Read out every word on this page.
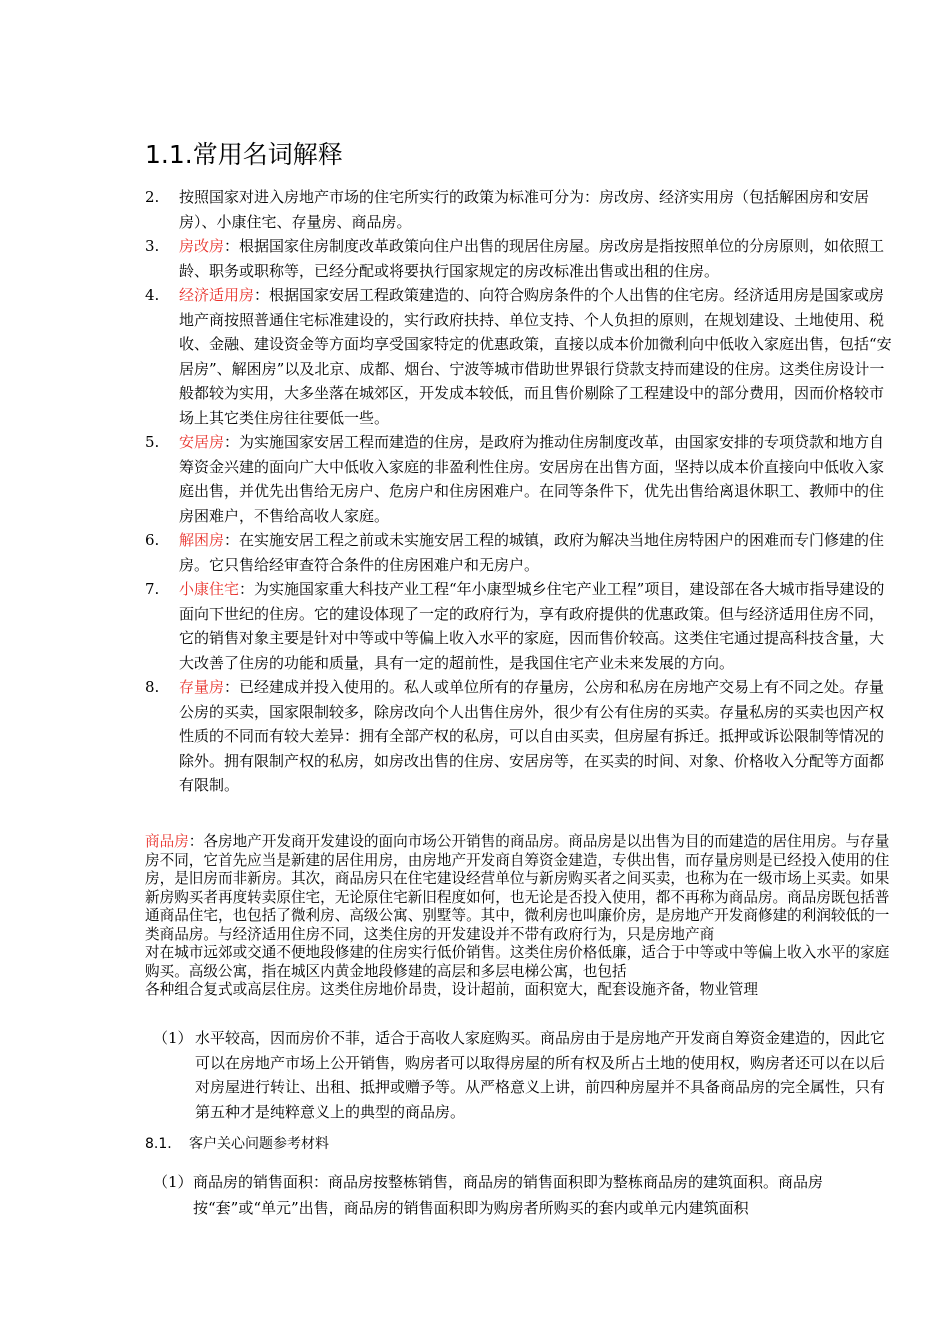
1.1.常用名词解释
2. 按照国家对进入房地产市场的住宅所实行的政策为标准可分为：房改房、经济实用房（包括解困房和安居房）、小康住宅、存量房、商品房。
3. 房改房：根据国家住房制度改革政策向住户出售的现居住房屋。房改房是指按照单位的分房原则，如依照工龄、职务或职称等，已经分配或将要执行国家规定的房改标准出售或出租的住房。
4. 经济适用房：根据国家安居工程政策建造的、向符合购房条件的个人出售的住宅房。经济适用房是国家或房地产商按照普通住宅标准建设的，实行政府扶持、单位支持、个人负担的原则，在规划建设、土地使用、税收、金融、建设资金等方面均享受国家特定的优惠政策，直接以成本价加微利向中低收入家庭出售，包括“安居房”、解困房”以及北京、成都、烟台、宁波等城市借助世界银行贷款支持而建设的住房。这类住房设计一般都较为实用，大多坐落在城郊区，开发成本较低，而且售价剔除了工程建设中的部分费用，因而价格较市场上其它类住房往往要低一些。
5. 安居房：为实施国家安居工程而建造的住房，是政府为推动住房制度改革，由国家安排的专项贷款和地方自筹资金兴建的面向广大中低收入家庭的非盈利性住房。安居房在出售方面，坚持以成本价直接向中低收入家庭出售，并优先出售给无房户、危房户和住房困难户。在同等条件下，优先出售给离退休职工、教师中的住房困难户，不售给高收人家庭。
6. 解困房：在实施安居工程之前或未实施安居工程的城镇，政府为解决当地住房特困户的困难而专门修建的住房。它只售给经审查符合条件的住房困难户和无房户。
7. 小康住宅：为实施国家重大科技产业工程“年小康型城乡住宅产业工程”项目，建设部在各大城市指导建设的面向下世纪的住房。它的建设体现了一定的政府行为，享有政府提供的优惠政策。但与经济适用住房不同，它的销售对象主要是针对中等或中等偏上收入水平的家庭，因而售价较高。这类住宅通过提高科技含量，大大改善了住房的功能和质量，具有一定的超前性，是我国住宅产业未来发展的方向。
8. 存量房：已经建成并投入使用的。私人或单位所有的存量房，公房和私房在房地产交易上有不同之处。存量公房的买卖，国家限制较多，除房改向个人出售住房外，很少有公有住房的买卖。存量私房的买卖也因产权性质的不同而有较大差异：拥有全部产权的私房，可以自由买卖，但房屋有拆迁。抵押或诉讼限制等情况的除外。拥有限制产权的私房，如房改出售的住房、安居房等，在买卖的时间、对象、价格收入分配等方面都有限制。

商品房：各房地产开发商开发建设的面向市场公开销售的商品房。商品房是以出售为目的而建造的居住用房。与存量房不同，它首先应当是新建的居住用房，由房地产开发商自筹资金建造，专供出售，而存量房则是已经投入使用的住房，是旧房而非新房。其次，商品房只在住宅建设经营单位与新房购买者之间买卖，也称为在一级市场上买卖。如果新房购买者再度转卖原住宅，无论原住宅新旧程度如何，也无论是否投入使用，都不再称为商品房。商品房既包括普通商品住宅，也包括了微利房、高级公寓、别墅等。其中，微利房也叫廉价房，是房地产开发商修建的利润较低的一类商品房。与经济适用住房不同，这类住房的开发建设并不带有政府行为，只是房地产商

对在城市远郊或交通不便地段修建的住房实行低价销售。这类住房价格低廉，适合于中等或中等偏上收入水平的家庭购买。高级公寓，指在城区内黄金地段修建的高层和多层电梯公寓，也包括

各种组合复式或高层住房。这类住房地价昂贵，设计超前，面积宽大，配套设施齐备，物业管理

（1） 水平较高，因而房价不菲，适合于高收人家庭购买。商品房由于是房地产开发商自筹资金建造的，因此它可以在房地产市场上公开销售，购房者可以取得房屋的所有权及所占土地的使用权，购房者还可以在以后对房屋进行转让、出租、抵押或赠予等。从严格意义上讲，前四种房屋并不具备商品房的完全属性，只有第五种才是纯粹意义上的典型的商品房。
8.1. 客户关心问题参考材料
（1） 商品房的销售面积：商品房按整栋销售，商品房的销售面积即为整栋商品房的建筑面积。商品房按“套”或“单元”出售，商品房的销售面积即为购房者所购买的套内或单元内建筑面积
